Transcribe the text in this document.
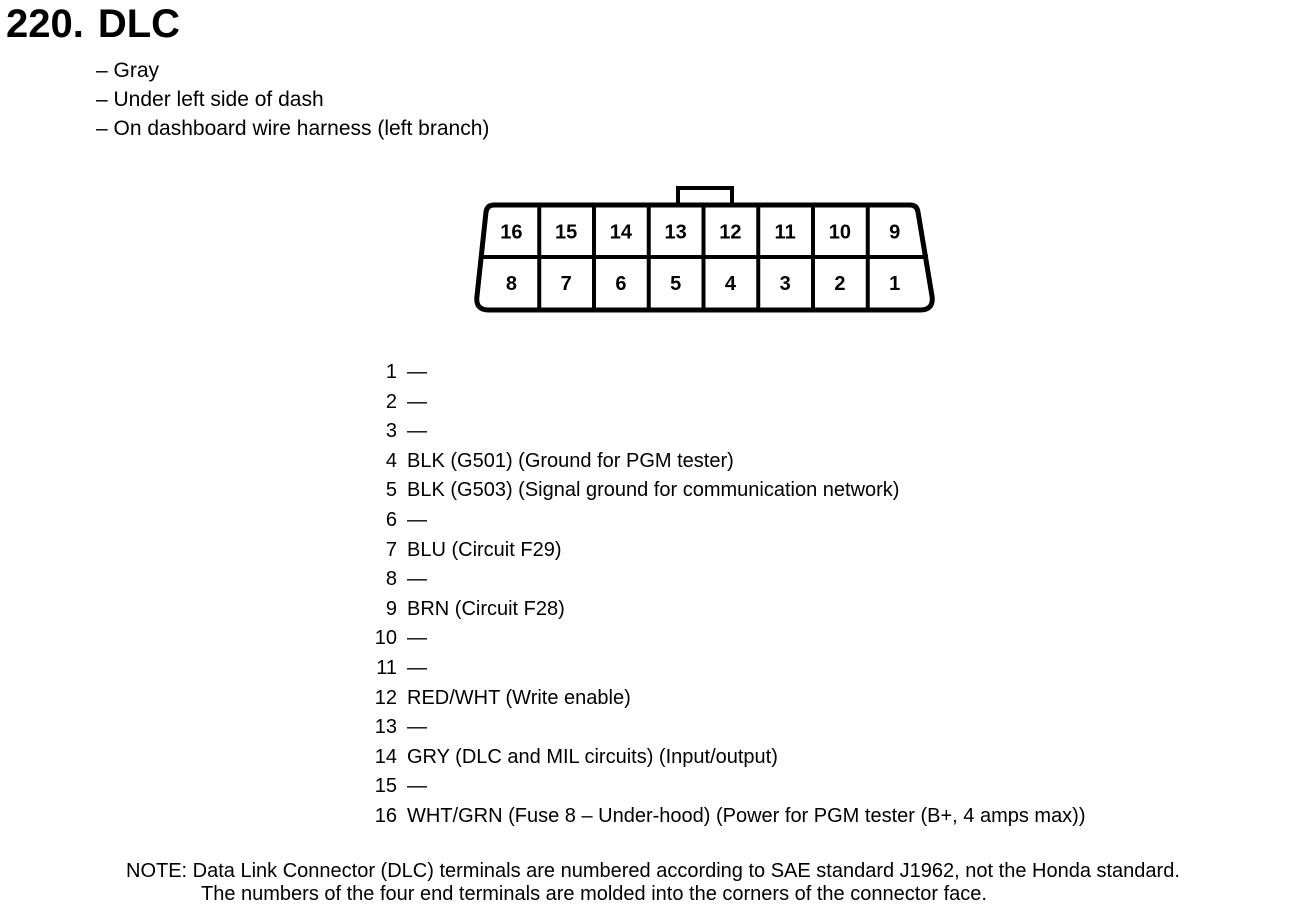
220. DLC
– Gray
– Under left side of dash
– On dashboard wire harness (left branch)
16 15 14 13 12 11 10 9
8 7 6 5 4 3 2 1
1 —
2 —
3 —
4 BLK (G501) (Ground for PGM tester)
5 BLK (G503) (Signal ground for communication network)
6 —
7 BLU (Circuit F29)
8 —
9 BRN (Circuit F28)
10 —
11 —
12 RED/WHT (Write enable)
13 —
14 GRY (DLC and MIL circuits) (Input/output)
15 —
16 WHT/GRN (Fuse 8 – Under-hood) (Power for PGM tester (B+, 4 amps max))
NOTE: Data Link Connector (DLC) terminals are numbered according to SAE standard J1962, not the Honda standard.
The numbers of the four end terminals are molded into the corners of the connector face.
